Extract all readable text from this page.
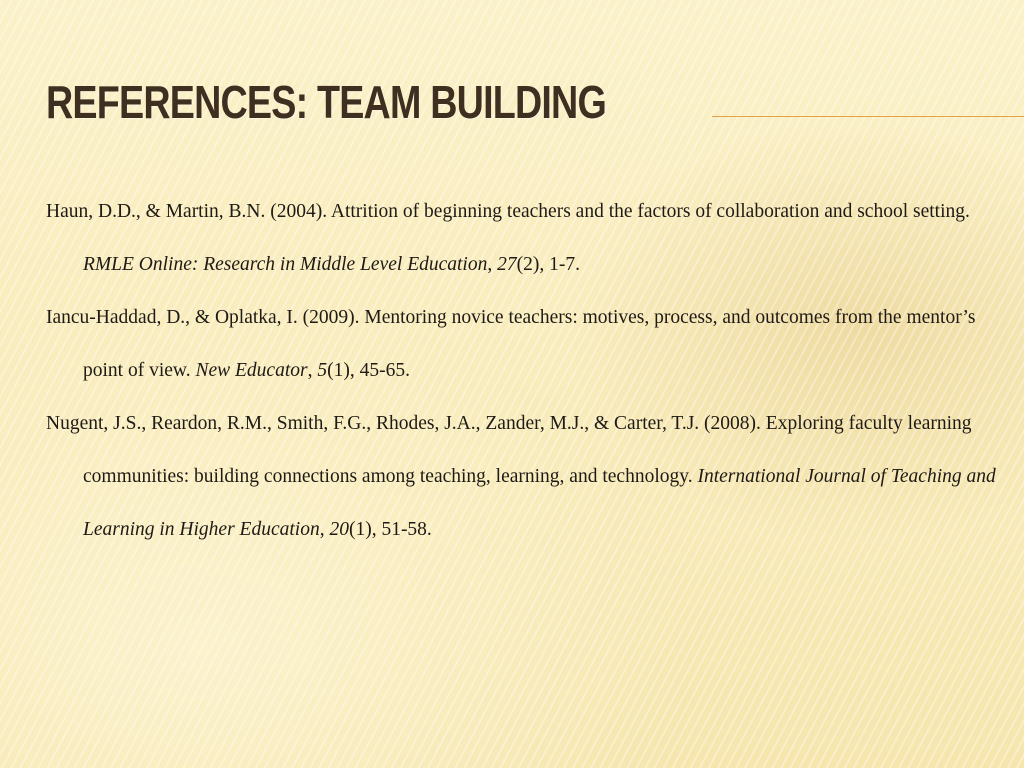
REFERENCES: TEAM BUILDING
Haun, D.D., & Martin, B.N. (2004). Attrition of beginning teachers and the factors of collaboration and school setting. RMLE Online: Research in Middle Level Education, 27(2), 1-7.
Iancu-Haddad, D., & Oplatka, I. (2009). Mentoring novice teachers: motives, process, and outcomes from the mentor’s point of view. New Educator, 5(1), 45-65.
Nugent, J.S., Reardon, R.M., Smith, F.G., Rhodes, J.A., Zander, M.J., & Carter, T.J. (2008). Exploring faculty learning communities: building connections among teaching, learning, and technology. International Journal of Teaching and Learning in Higher Education, 20(1), 51-58.
